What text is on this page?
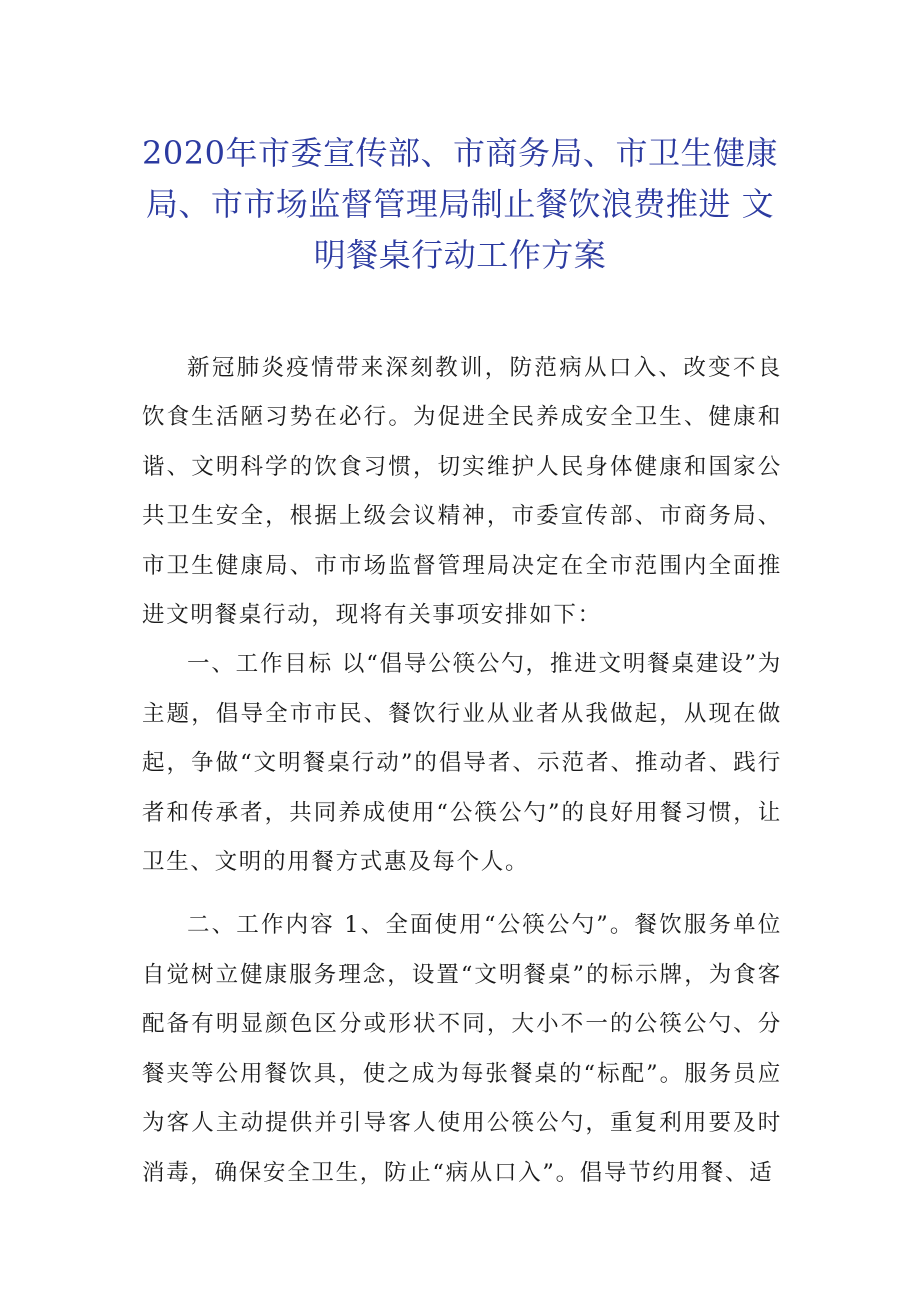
2020年市委宣传部、市商务局、市卫生健康局、市市场监督管理局制止餐饮浪费推进 文明餐桌行动工作方案

新冠肺炎疫情带来深刻教训，防范病从口入、改变不良饮食生活陋习势在必行。为促进全民养成安全卫生、健康和谐、文明科学的饮食习惯，切实维护人民身体健康和国家公共卫生安全，根据上级会议精神，市委宣传部、市商务局、市卫生健康局、市市场监督管理局决定在全市范围内全面推进文明餐桌行动，现将有关事项安排如下：

一、工作目标 以“倡导公筷公勺，推进文明餐桌建设”为主题，倡导全市市民、餐饮行业从业者从我做起，从现在做起，争做“文明餐桌行动”的倡导者、示范者、推动者、践行者和传承者，共同养成使用“公筷公勺”的良好用餐习惯，让卫生、文明的用餐方式惠及每个人。

二、工作内容 1、全面使用“公筷公勺”。餐饮服务单位自觉树立健康服务理念，设置“文明餐桌”的标示牌，为食客配备有明显颜色区分或形状不同，大小不一的公筷公勺、分餐夹等公用餐饮具，使之成为每张餐桌的“标配”。服务员应为客人主动提供并引导客人使用公筷公勺，重复利用要及时消毒，确保安全卫生，防止“病从口入”。倡导节约用餐、适
